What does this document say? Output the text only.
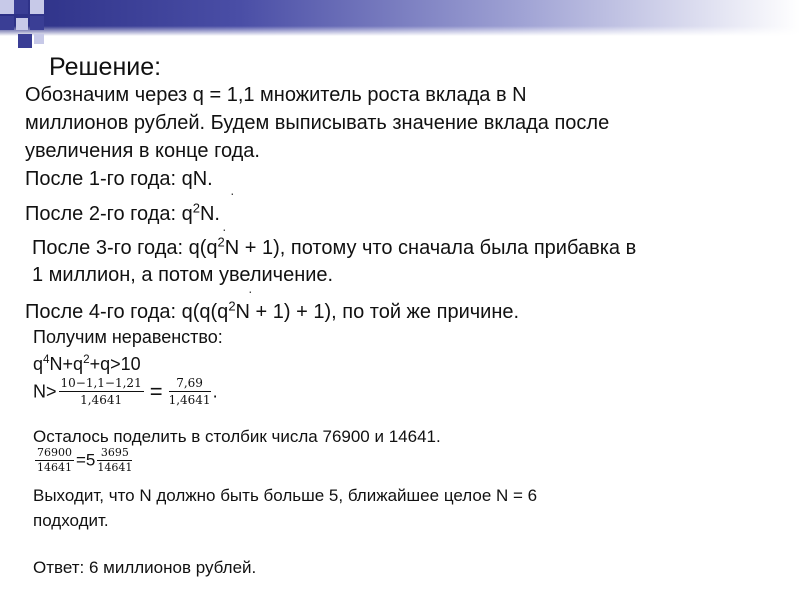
Решение:
Обозначим через q = 1,1 множитель роста вклада в N
миллионов рублей. Будем выписывать значение вклада после
увеличения в конце года.
После 1-го года: qN.
·
После 2-го года: $q^2N$.
·
После 3-го года: $q(q^2N + 1)$, потому что сначала была прибавка в
1 миллион, а потом увеличение.
·
После 4-го года: $q(q(q^2N + 1) + 1)$, по той же причине.
Получим неравенство:
$q^4N+q^2+q>10$
$N> \frac{10-1,1-1,21}{1,4641} = \frac{7,69}{1,4641}$ .
Осталось поделить в столбик числа 76900 и 14641.
$\frac{76900}{14641} =5 \frac{3695}{14641}$
Выходит, что N должно быть больше 5, ближайшее целое N = 6
подходит.
Ответ: 6 миллионов рублей.
